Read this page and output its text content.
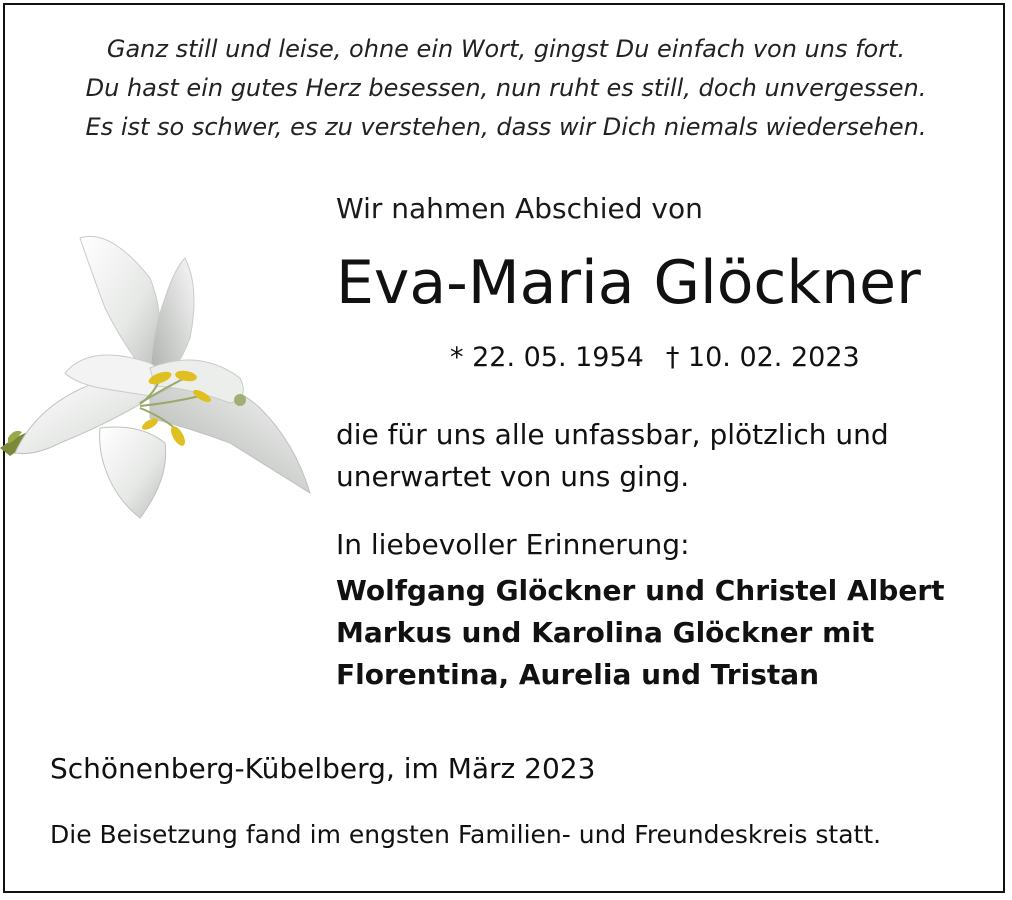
Ganz still und leise, ohne ein Wort, gingst Du einfach von uns fort.
Du hast ein gutes Herz besessen, nun ruht es still, doch unvergessen.
Es ist so schwer, es zu verstehen, dass wir Dich niemals wiedersehen.
Wir nahmen Abschied von
Eva-Maria Glöckner
* 22. 05. 1954 † 10. 02. 2023
die für uns alle unfassbar, plötzlich und
unerwartet von uns ging.
In liebevoller Erinnerung:
Wolfgang Glöckner und Christel Albert
Markus und Karolina Glöckner mit
Florentina, Aurelia und Tristan
Schönenberg-Kübelberg, im März 2023
Die Beisetzung fand im engsten Familien- und Freundeskreis statt.
